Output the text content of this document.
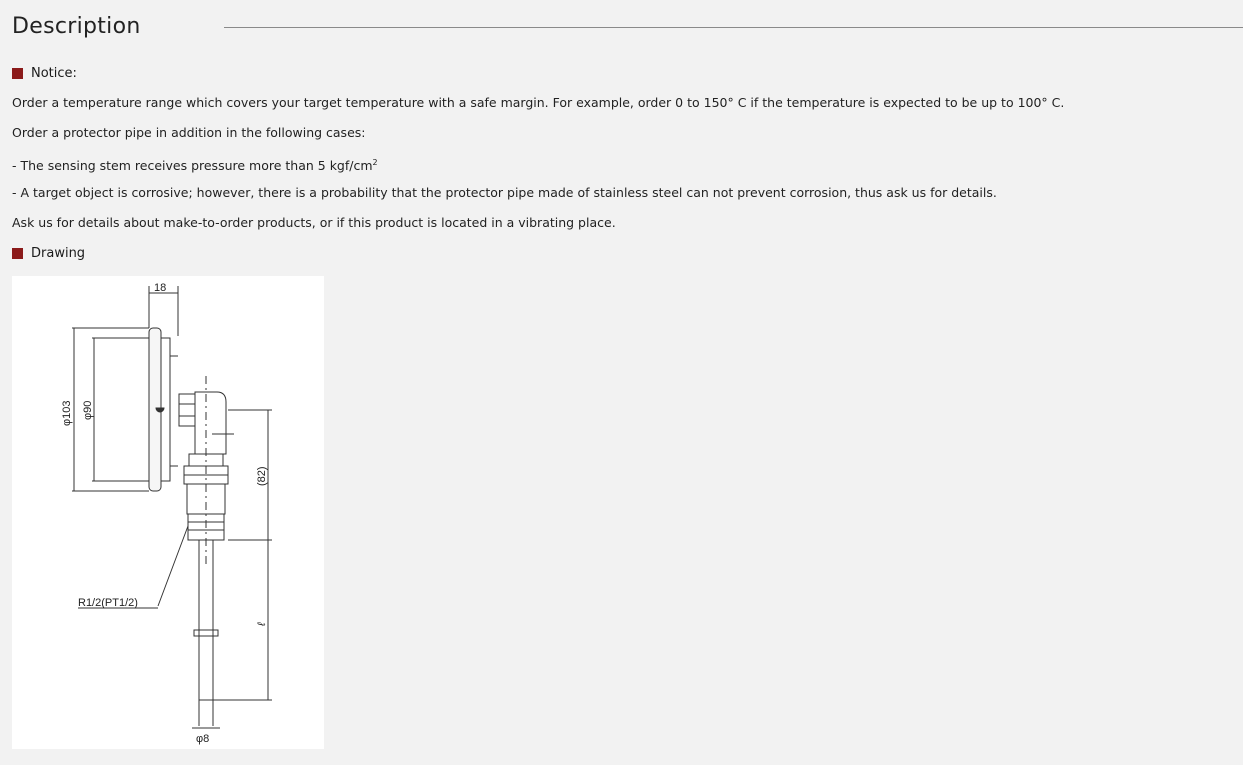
Description
Notice:
Order a temperature range which covers your target temperature with a safe margin. For example, order 0 to 150° C if the temperature is expected to be up to 100° C.
Order a protector pipe in addition in the following cases:
- The sensing stem receives pressure more than 5 kgf/$cm^2$
- A target object is corrosive; however, there is a probability that the protector pipe made of stainless steel can not prevent corrosion, thus ask us for details.
Ask us for details about make-to-order products, or if this product is located in a vibrating place.
Drawing
18
φ103 φ90
(82)
R1/2(PT1/2)
ℓ
φ8
